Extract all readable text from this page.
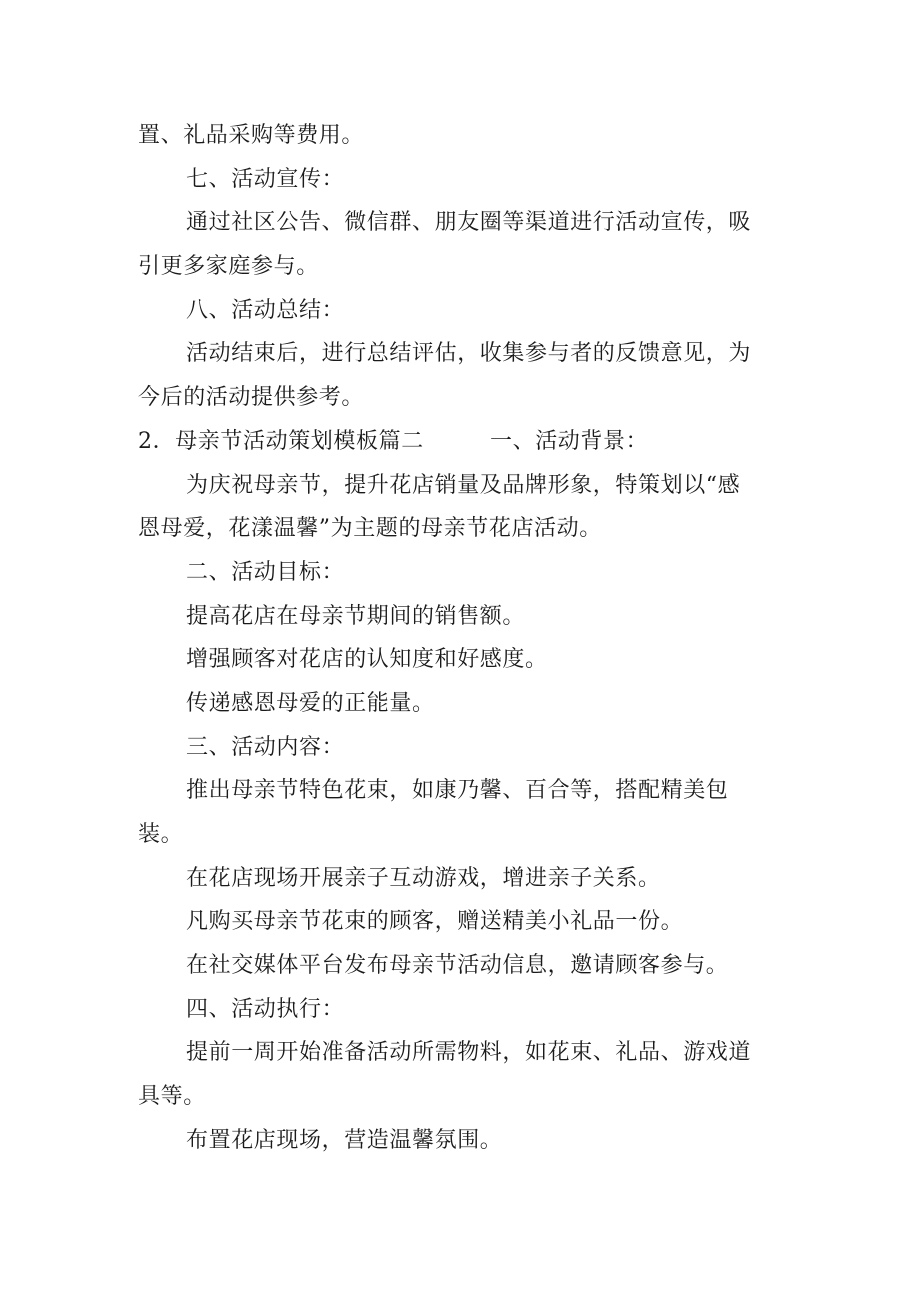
置、礼品采购等费用。
七、活动宣传：
通过社区公告、微信群、朋友圈等渠道进行活动宣传，吸
引更多家庭参与。
八、活动总结：
活动结束后，进行总结评估，收集参与者的反馈意见，为
今后的活动提供参考。
2．母亲节活动策划模板篇二	一、活动背景：
为庆祝母亲节，提升花店销量及品牌形象，特策划以“感
恩母爱，花漾温馨”为主题的母亲节花店活动。
二、活动目标：
提高花店在母亲节期间的销售额。
增强顾客对花店的认知度和好感度。
传递感恩母爱的正能量。
三、活动内容：
推出母亲节特色花束，如康乃馨、百合等，搭配精美包
装。
在花店现场开展亲子互动游戏，增进亲子关系。
凡购买母亲节花束的顾客，赠送精美小礼品一份。
在社交媒体平台发布母亲节活动信息，邀请顾客参与。
四、活动执行：
提前一周开始准备活动所需物料，如花束、礼品、游戏道
具等。
布置花店现场，营造温馨氛围。
